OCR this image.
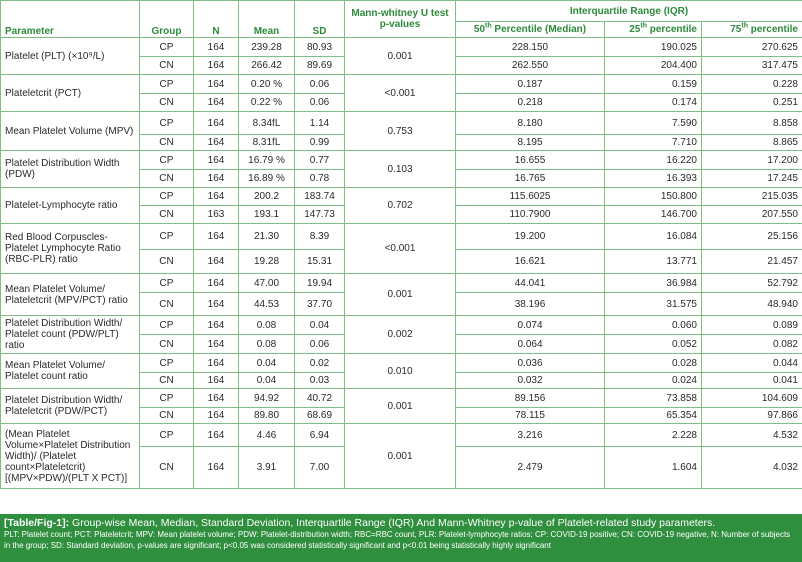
Parameter	Group	N	Mean	SD	Mann-whitney U test p-values	Interquartile Range (IQR)		
						50th Percentile (Median)	25th percentile	75th percentile
Platelet (PLT) (×10⁹/L)	CP	164	239.28	80.93	0.001	228.150	190.025	270.625
	CN	164	266.42	89.69		262.550	204.400	317.475
Plateletcrit (PCT)	CP	164	0.20 %	0.06	<0.001	0.187	0.159	0.228
	CN	164	0.22 %	0.06		0.218	0.174	0.251
Mean Platelet Volume (MPV)	CP	164	8.34fL	1.14	0.753	8.180	7.590	8.858
	CN	164	8.31fL	0.99		8.195	7.710	8.865
Platelet Distribution Width (PDW)	CP	164	16.79 %	0.77	0.103	16.655	16.220	17.200
	CN	164	16.89 %	0.78		16.765	16.393	17.245
Platelet-Lymphocyte ratio	CP	164	200.2	183.74	0.702	115.6025	150.800	215.035
	CN	163	193.1	147.73		110.7900	146.700	207.550
Red Blood Corpuscles-Platelet Lymphocyte Ratio (RBC-PLR) ratio	CP	164	21.30	8.39	<0.001	19.200	16.084	25.156
	CN	164	19.28	15.31		16.621	13.771	21.457
Mean Platelet Volume/ Plateletcrit (MPV/PCT) ratio	CP	164	47.00	19.94	0.001	44.041	36.984	52.792
	CN	164	44.53	37.70		38.196	31.575	48.940
Platelet Distribution Width/ Platelet count (PDW/PLT) ratio	CP	164	0.08	0.04	0.002	0.074	0.060	0.089
	CN	164	0.08	0.06		0.064	0.052	0.082
Mean Platelet Volume/ Platelet count ratio	CP	164	0.04	0.02	0.010	0.036	0.028	0.044
	CN	164	0.04	0.03		0.032	0.024	0.041
Platelet Distribution Width/ Plateletcrit (PDW/PCT)	CP	164	94.92	40.72	0.001	89.156	73.858	104.609
	CN	164	89.80	68.69		78.115	65.354	97.866
(Mean Platelet Volume×Platelet Distribution Width)/ (Platelet count×Plateletcrit) [(MPV×PDW)/(PLT X PCT)]	CP	164	4.46	6.94	0.001	3.216	2.228	4.532
	CN	164	3.91	7.00		2.479	1.604	4.032
[Table/Fig-1]: Group-wise Mean, Median, Standard Deviation, Interquartile Range (IQR) And Mann-Whitney p-value of Platelet-related study parameters.
PLT: Platelet count; PCT: Plateletcrit; MPV: Mean platelet volume; PDW: Platelet-distribution width; RBC=RBC count, PLR: Platelet-lymphocyte ratios; CP: COVID-19 positive; CN: COVID-19 negative, N: Number of subjects in the group; SD: Standard deviation, p-values are significant; p<0.05 was considered statistically significant and p<0.01 being statistically highly significant
